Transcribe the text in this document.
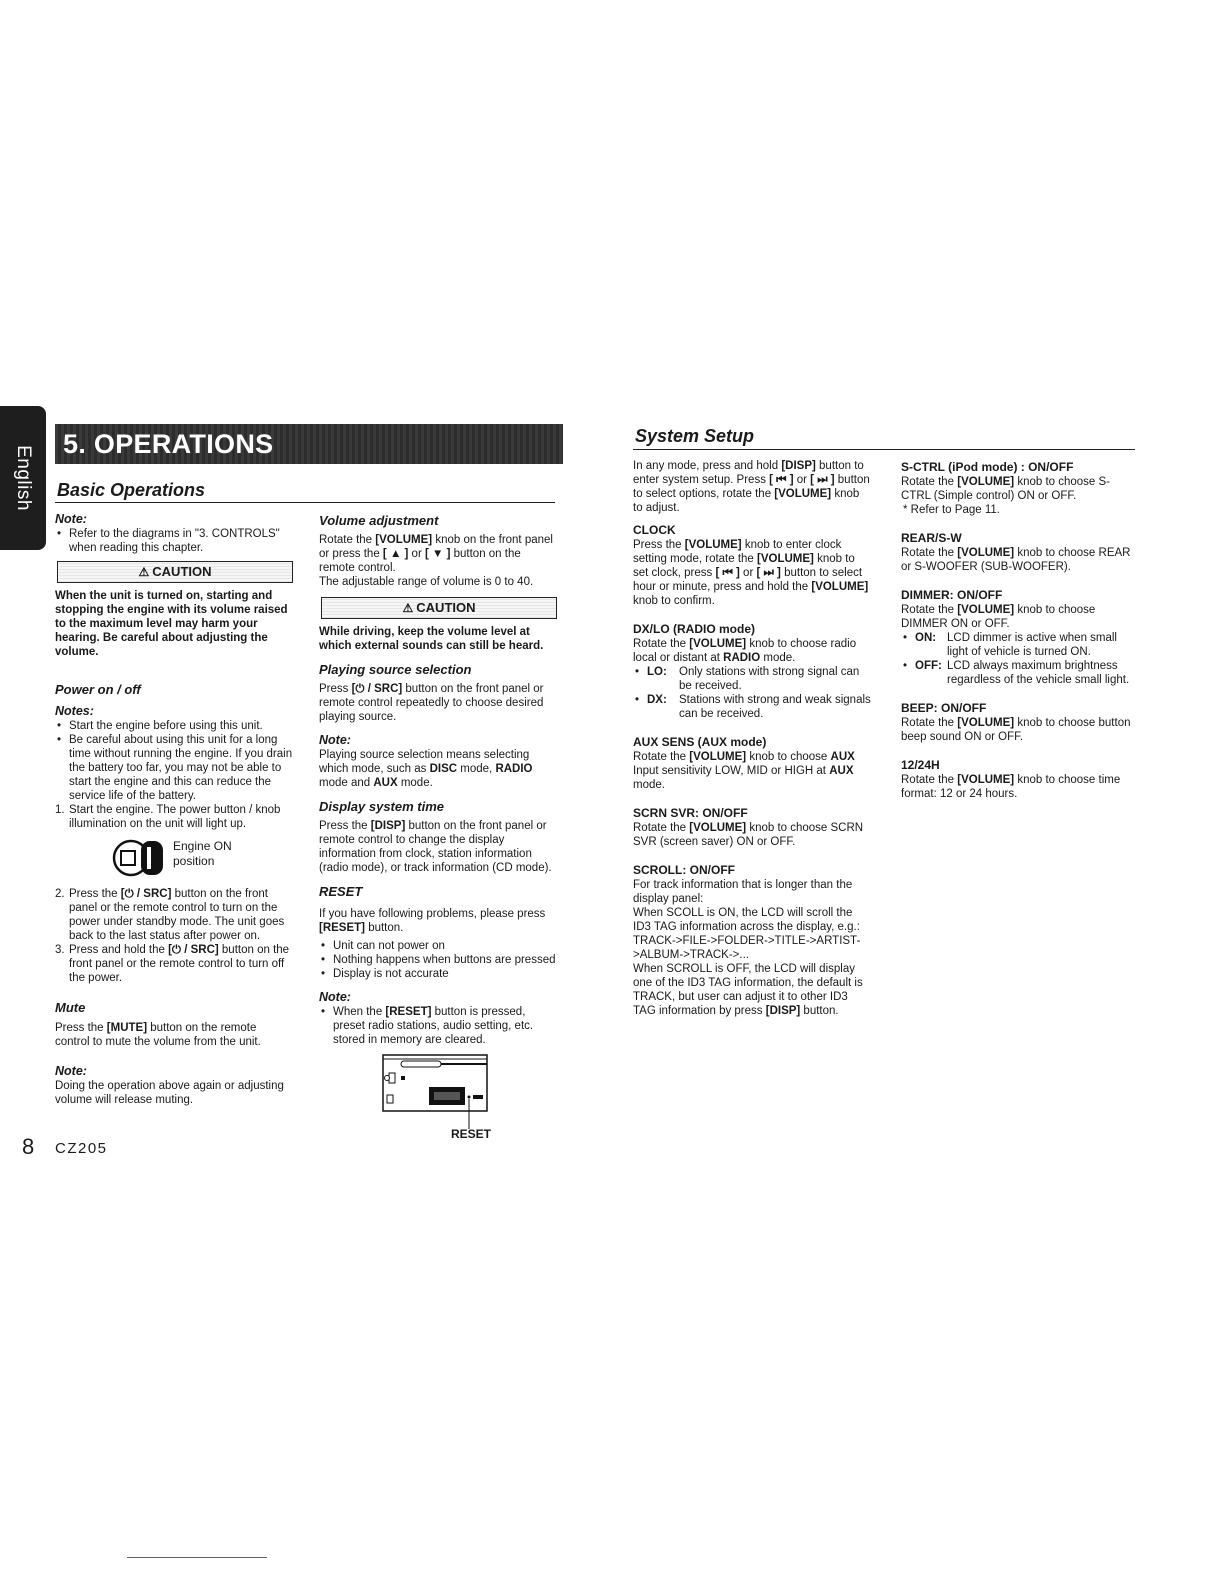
English
5. OPERATIONS
Basic Operations
System Setup

Note:

• Refer to the diagrams in "3. CONTROLS" when reading this chapter.

⚠ CAUTION

When the unit is turned on, starting and stopping the engine with its volume raised to the maximum level may harm your hearing. Be careful about adjusting the volume.

Power on / off

Notes:

• Start the engine before using this unit.

• Be careful about using this unit for a long time without running the engine. If you drain the battery too far, you may not be able to start the engine and this can reduce the service life of the battery.

1. Start the engine. The power button / knob illumination on the unit will light up.

Engine ON
position

2. Press the [⏻ / SRC] button on the front panel or the remote control to turn on the power under standby mode. The unit goes back to the last status after power on.

3. Press and hold the [⏻ / SRC] button on the front panel or the remote control to turn off the power.

Mute

Press the [MUTE] button on the remote control to mute the volume from the unit.

Note:

Doing the operation above again or adjusting volume will release muting.

Volume adjustment

Rotate the [VOLUME] knob on the front panel or press the [ ▲ ] or [ ▼ ] button on the remote control.

The adjustable range of volume is 0 to 40.

⚠ CAUTION

While driving, keep the volume level at which external sounds can still be heard.

Playing source selection

Press [⏻ / SRC] button on the front panel or remote control repeatedly to choose desired playing source.

Note:

Playing source selection means selecting which mode, such as DISC mode, RADIO mode and AUX mode.

Display system time

Press the [DISP] button on the front panel or remote control to change the display information from clock, station information (radio mode), or track information (CD mode).

RESET

If you have following problems, please press [RESET] button.

• Unit can not power on

• Nothing happens when buttons are pressed

• Display is not accurate

Note:

• When the [RESET] button is pressed, preset radio stations, audio setting, etc. stored in memory are cleared.

RESET

In any mode, press and hold [DISP] button to enter system setup. Press [ ⏮ ] or [ ⏭ ] button to select options, rotate the [VOLUME] knob to adjust.

CLOCK

Press the [VOLUME] knob to enter clock setting mode, rotate the [VOLUME] knob to set clock, press [ ⏮ ] or [ ⏭ ] button to select hour or minute, press and hold the [VOLUME] knob to confirm.

DX/LO (RADIO mode)

Rotate the [VOLUME] knob to choose radio local or distant at RADIO mode.

• LO: Only stations with strong signal can be received.

• DX: Stations with strong and weak signals can be received.

AUX SENS (AUX mode)

Rotate the [VOLUME] knob to choose AUX Input sensitivity LOW, MID or HIGH at AUX mode.

SCRN SVR: ON/OFF

Rotate the [VOLUME] knob to choose SCRN SVR (screen saver) ON or OFF.

SCROLL: ON/OFF

For track information that is longer than the display panel:

When SCOLL is ON, the LCD will scroll the ID3 TAG information across the display, e.g.: TRACK->FILE->FOLDER->TITLE->ARTIST->ALBUM->TRACK->...

When SCROLL is OFF, the LCD will display one of the ID3 TAG information, the default is TRACK, but user can adjust it to other ID3 TAG information by press [DISP] button.

S-CTRL (iPod mode) : ON/OFF

Rotate the [VOLUME] knob to choose S-CTRL (Simple control) ON or OFF.

* Refer to Page 11.

REAR/S-W

Rotate the [VOLUME] knob to choose REAR or S-WOOFER (SUB-WOOFER).

DIMMER: ON/OFF

Rotate the [VOLUME] knob to choose DIMMER ON or OFF.

• ON: LCD dimmer is active when small light of vehicle is turned ON.

• OFF: LCD always maximum brightness regardless of the vehicle small light.

BEEP: ON/OFF

Rotate the [VOLUME] knob to choose button beep sound ON or OFF.

12/24H

Rotate the [VOLUME] knob to choose time format: 12 or 24 hours.

8 CZ205
